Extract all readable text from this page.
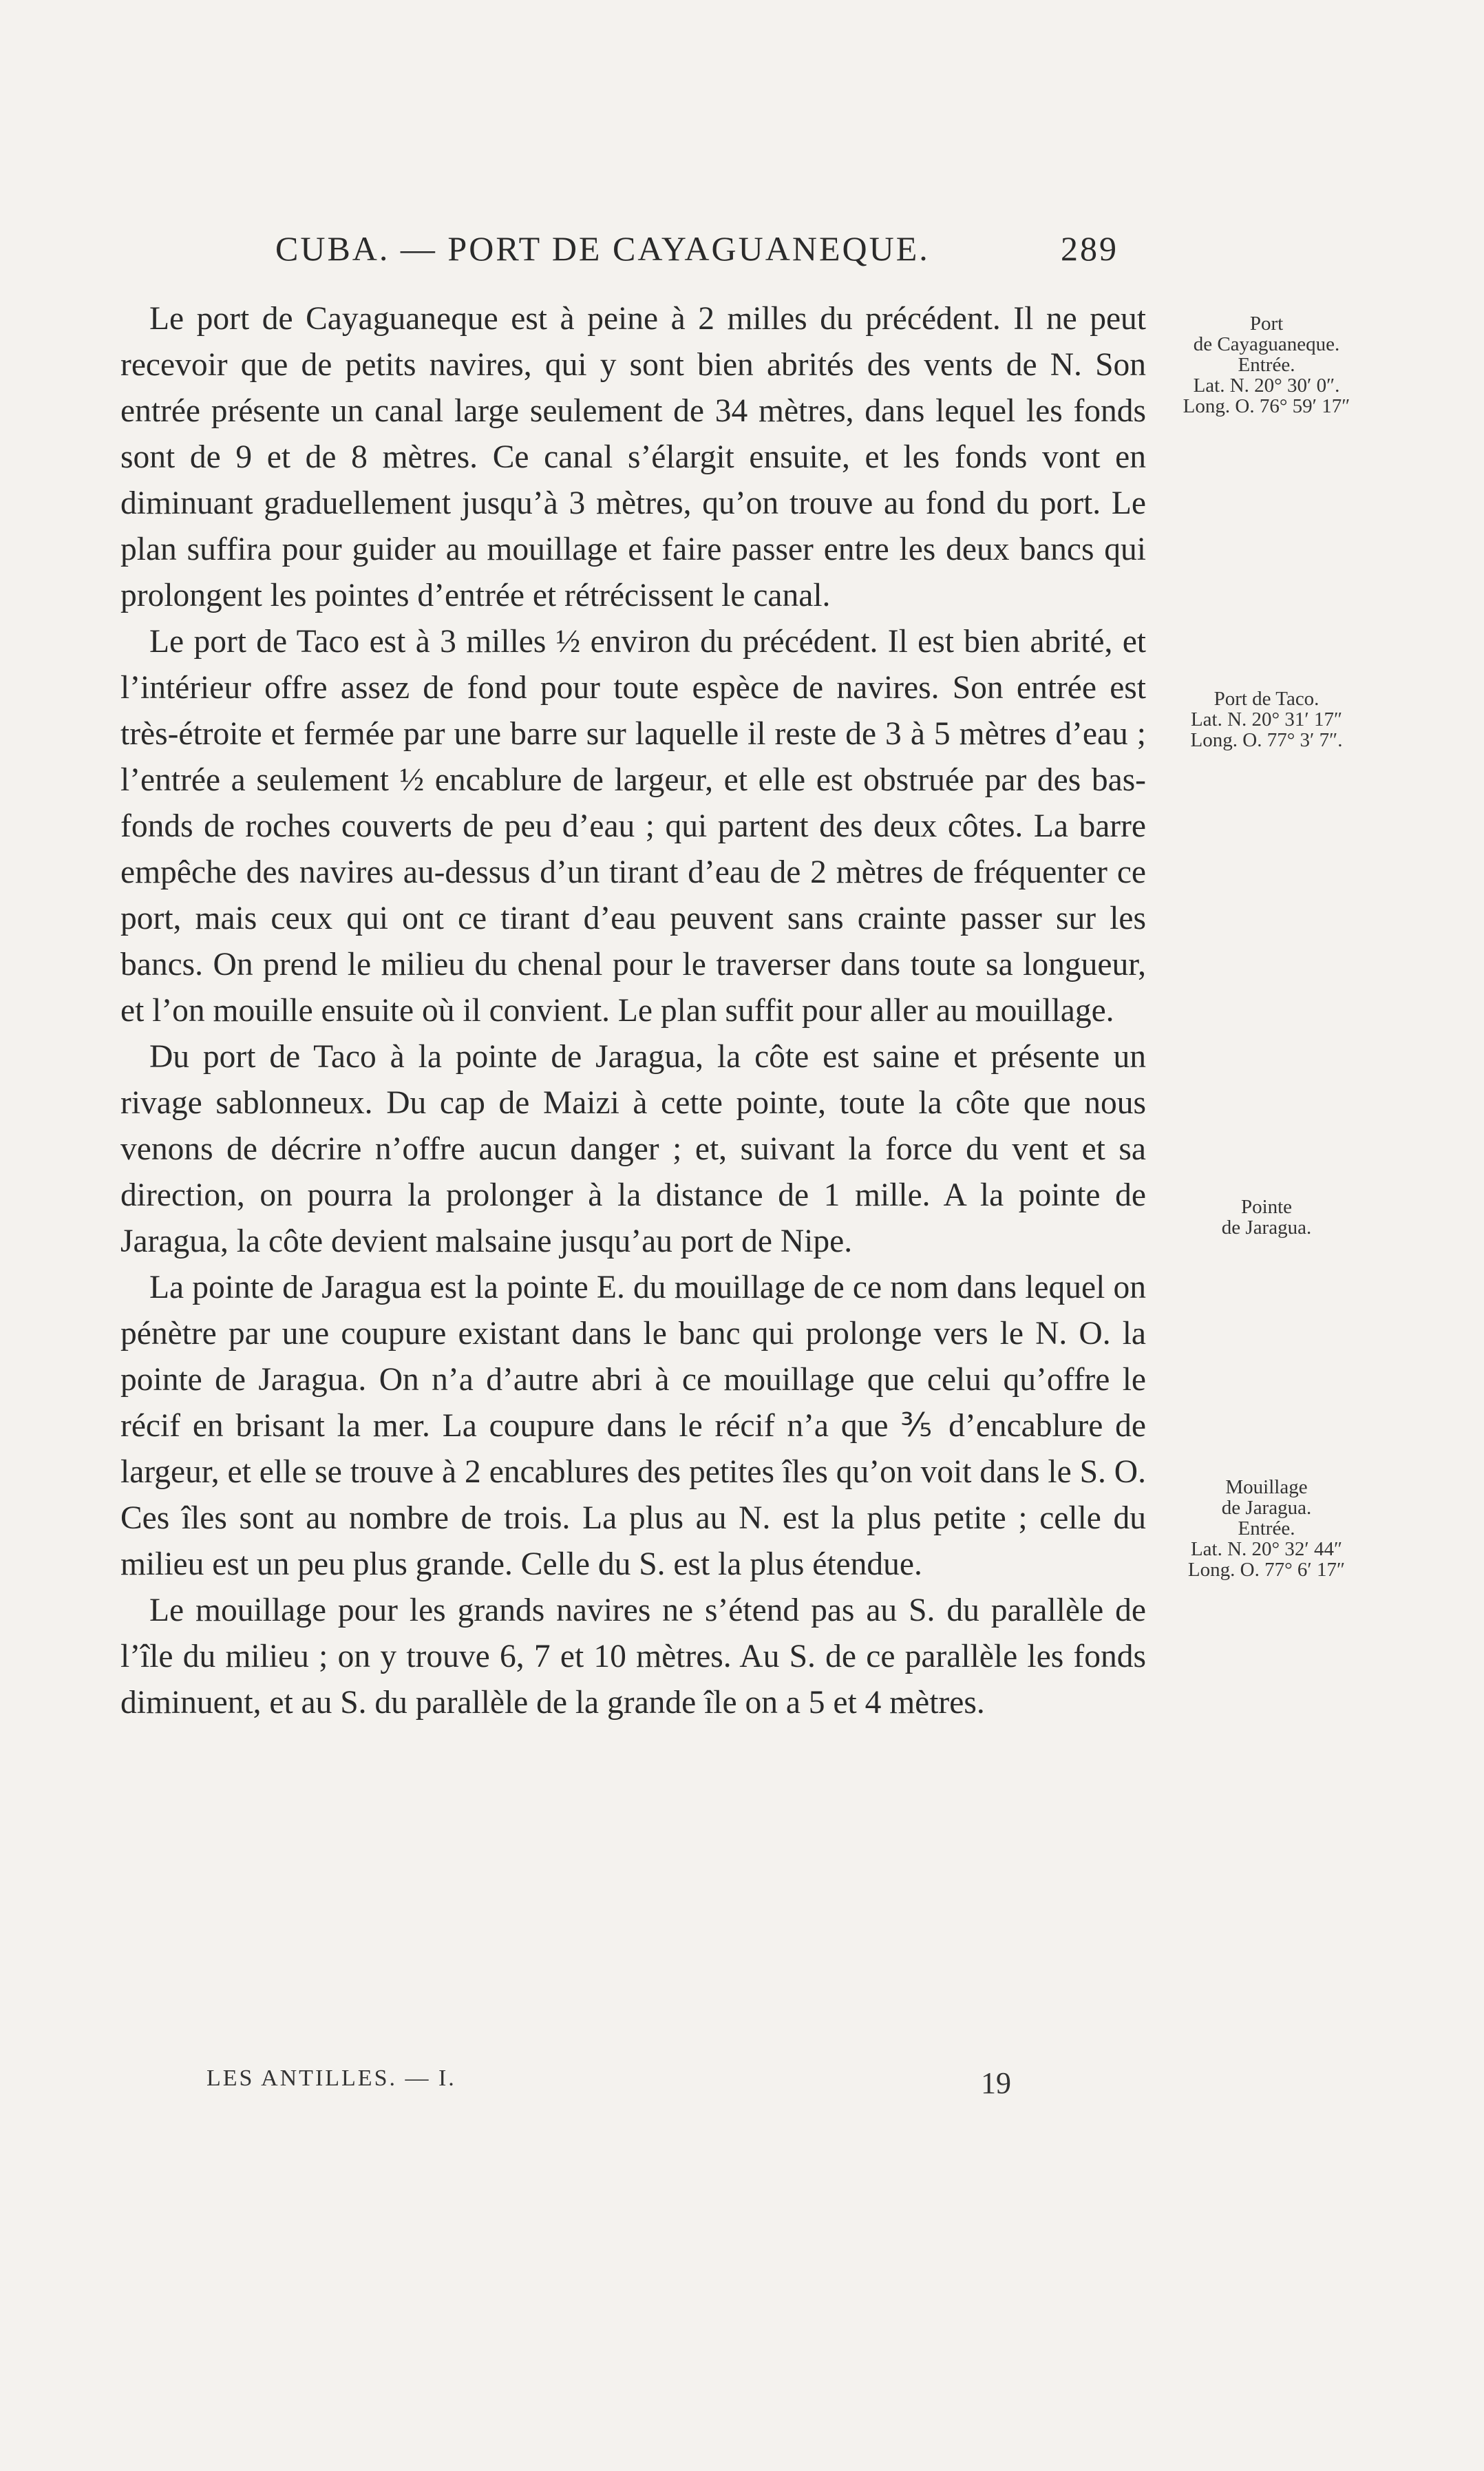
CUBA. — PORT DE CAYAGUANEQUE.	289

Le port de Cayaguaneque est à peine à 2 milles du précédent. Il ne peut recevoir que de petits navires, qui y sont bien abrités des vents de N. Son entrée présente un canal large seulement de 34 mètres, dans lequel les fonds sont de 9 et de 8 mètres. Ce canal s’élargit ensuite, et les fonds vont en diminuant graduellement jusqu’à 3 mètres, qu’on trouve au fond du port. Le plan suffira pour guider au mouillage et faire passer entre les deux bancs qui prolongent les pointes d’entrée et rétrécissent le canal.

Le port de Taco est à 3 milles ½ environ du précédent. Il est bien abrité, et l’intérieur offre assez de fond pour toute espèce de navires. Son entrée est très-étroite et fermée par une barre sur laquelle il reste de 3 à 5 mètres d’eau ; l’entrée a seulement ½ encablure de largeur, et elle est obstruée par des bas-fonds de roches couverts de peu d’eau ; qui partent des deux côtes. La barre empêche des navires au-dessus d’un tirant d’eau de 2 mètres de fréquenter ce port, mais ceux qui ont ce tirant d’eau peuvent sans crainte passer sur les bancs. On prend le milieu du chenal pour le traverser dans toute sa longueur, et l’on mouille ensuite où il convient. Le plan suffit pour aller au mouillage.

Du port de Taco à la pointe de Jaragua, la côte est saine et présente un rivage sablonneux. Du cap de Maizi à cette pointe, toute la côte que nous venons de décrire n’offre aucun danger ; et, suivant la force du vent et sa direction, on pourra la prolonger à la distance de 1 mille. A la pointe de Jaragua, la côte devient malsaine jusqu’au port de Nipe.

La pointe de Jaragua est la pointe E. du mouillage de ce nom dans lequel on pénètre par une coupure existant dans le banc qui prolonge vers le N. O. la pointe de Jaragua. On n’a d’autre abri à ce mouillage que celui qu’offre le récif en brisant la mer. La coupure dans le récif n’a que ⅗ d’encablure de largeur, et elle se trouve à 2 encablures des petites îles qu’on voit dans le S. O. Ces îles sont au nombre de trois. La plus au N. est la plus petite ; celle du milieu est un peu plus grande. Celle du S. est la plus étendue.

Le mouillage pour les grands navires ne s’étend pas au S. du parallèle de l’île du milieu ; on y trouve 6, 7 et 10 mètres. Au S. de ce parallèle les fonds diminuent, et au S. du parallèle de la grande île on a 5 et 4 mètres.

Port
de Cayaguaneque.
Entrée.
Lat. N. 20° 30′ 0″.
Long. O. 76° 59′ 17″
Port de Taco.
Lat. N. 20° 31′ 17″
Long. O. 77° 3′ 7″.
Pointe
de Jaragua.
Mouillage
de Jaragua.
Entrée.
Lat. N. 20° 32′ 44″
Long. O. 77° 6′ 17″
LES ANTILLES. — I.	19
